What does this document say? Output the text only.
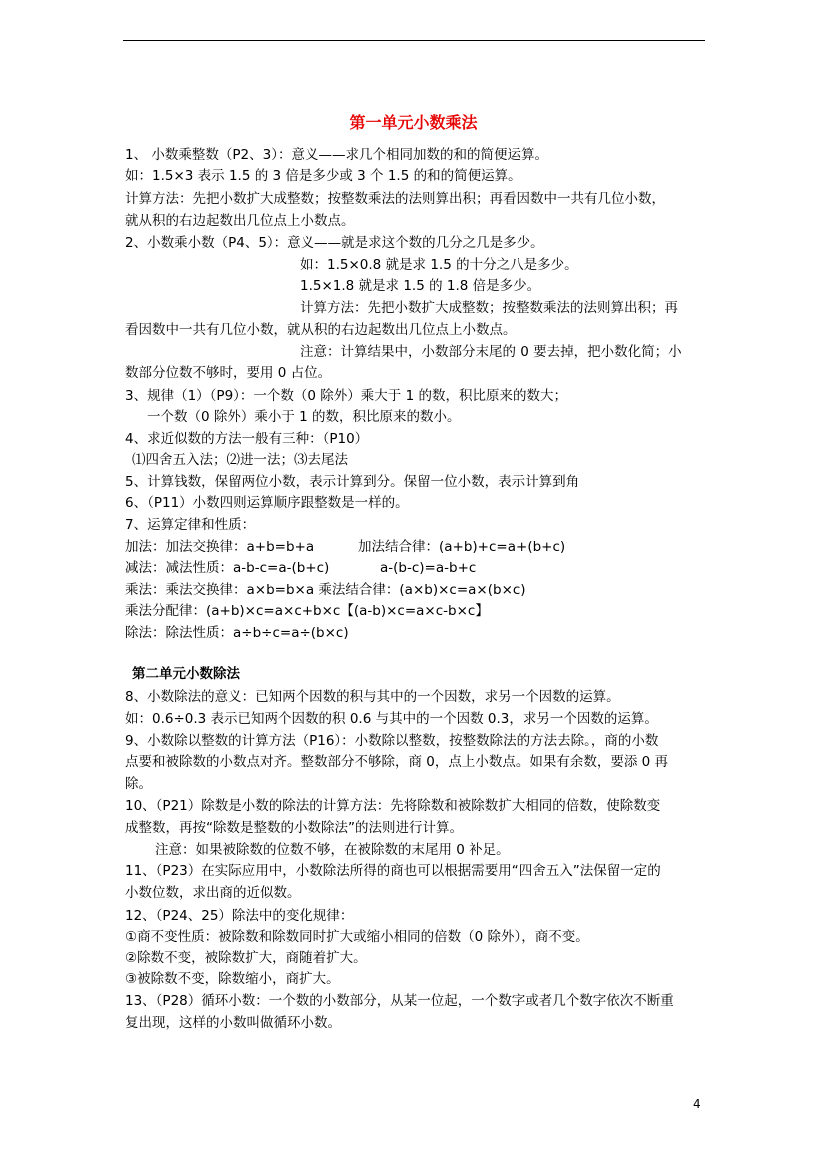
第一单元小数乘法
1、 小数乘整数（P2、3）：意义——求几个相同加数的和的简便运算。
如：1.5×3 表示 1.5 的 3 倍是多少或 3 个 1.5 的和的简便运算。
计算方法：先把小数扩大成整数；按整数乘法的法则算出积；再看因数中一共有几位小数，
就从积的右边起数出几位点上小数点。
2、小数乘小数（P4、5）：意义——就是求这个数的几分之几是多少。
如：1.5×0.8 就是求 1.5 的十分之八是多少。
1.5×1.8 就是求 1.5 的 1.8 倍是多少。
计算方法：先把小数扩大成整数；按整数乘法的法则算出积；再
看因数中一共有几位小数，就从积的右边起数出几位点上小数点。
注意：计算结果中，小数部分末尾的 0 要去掉，把小数化简；小
数部分位数不够时，要用 0 占位。
3、规律（1）（P9）：一个数（0 除外）乘大于 1 的数，积比原来的数大；
一个数（0 除外）乘小于 1 的数，积比原来的数小。
4、求近似数的方法一般有三种：（P10）
⑴四舍五入法；⑵进一法；⑶去尾法
5、计算钱数，保留两位小数，表示计算到分。保留一位小数，表示计算到角
6、（P11）小数四则运算顺序跟整数是一样的。
7、运算定律和性质：
加法：加法交换律：a+b=b+a	加法结合律：(a+b)+c=a+(b+c)
减法：减法性质：a-b-c=a-(b+c)	a-(b-c)=a-b+c
乘法：乘法交换律：a×b=b×a 乘法结合律：(a×b)×c=a×(b×c)
乘法分配律：(a+b)×c=a×c+b×c【(a-b)×c=a×c-b×c】
除法：除法性质：a÷b÷c=a÷(b×c)
第二单元小数除法
8、小数除法的意义：已知两个因数的积与其中的一个因数，求另一个因数的运算。
如：0.6÷0.3 表示已知两个因数的积 0.6 与其中的一个因数 0.3，求另一个因数的运算。
9、小数除以整数的计算方法（P16）：小数除以整数，按整数除法的方法去除。，商的小数
点要和被除数的小数点对齐。整数部分不够除，商 0，点上小数点。如果有余数，要添 0 再
除。
10、（P21）除数是小数的除法的计算方法：先将除数和被除数扩大相同的倍数，使除数变
成整数，再按“除数是整数的小数除法”的法则进行计算。
注意：如果被除数的位数不够，在被除数的末尾用 0 补足。
11、（P23）在实际应用中，小数除法所得的商也可以根据需要用“四舍五入”法保留一定的
小数位数，求出商的近似数。
12、（P24、25）除法中的变化规律：
①商不变性质：被除数和除数同时扩大或缩小相同的倍数（0 除外），商不变。
②除数不变，被除数扩大，商随着扩大。
③被除数不变，除数缩小，商扩大。
13、（P28）循环小数：一个数的小数部分，从某一位起，一个数字或者几个数字依次不断重
复出现，这样的小数叫做循环小数。
4
